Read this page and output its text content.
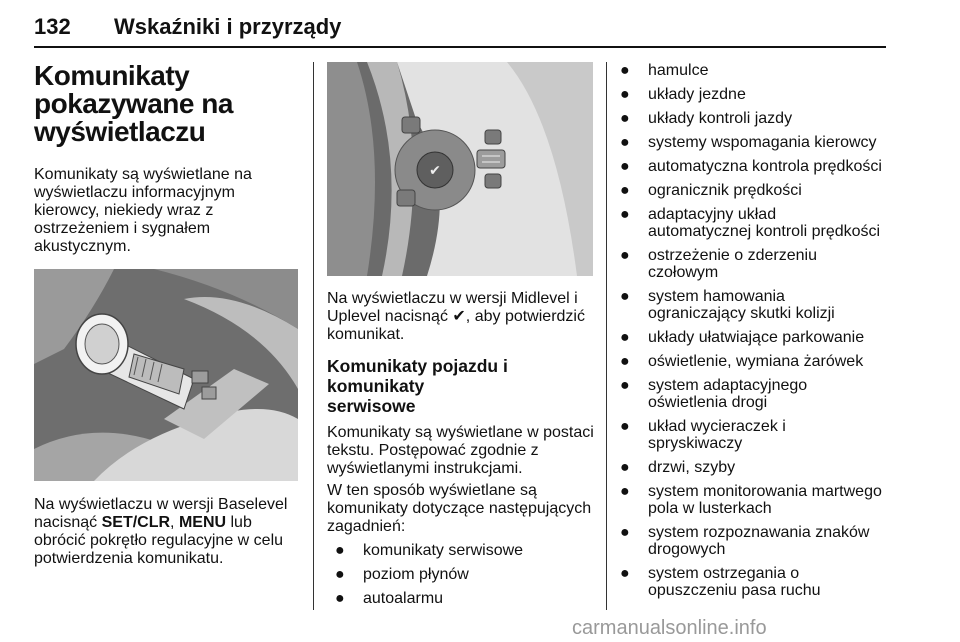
132 Wskaźniki i przyrządy
Komunikaty
pokazywane na
wyświetlaczu

Komunikaty są wyświetlane na
wyświetlaczu informacyjnym
kierowcy, niekiedy wraz z
ostrzeżeniem i sygnałem
akustycznym.

Na wyświetlaczu w wersji Baselevel
nacisnąć SET/CLR, MENU lub
obrócić pokrętło regulacyjne w celu
potwierdzenia komunikatu.

✔

Na wyświetlaczu w wersji Midlevel i
Uplevel nacisnąć ✔, aby potwierdzić
komunikat.

Komunikaty pojazdu i komunikaty
serwisowe

Komunikaty są wyświetlane w postaci
tekstu. Postępować zgodnie z
wyświetlanymi instrukcjami.

W ten sposób wyświetlane są
komunikaty dotyczące następujących
zagadnień:

● komunikaty serwisowe
● poziom płynów
● autoalarmu
● hamulce
● układy jezdne
● układy kontroli jazdy
● systemy wspomagania kierowcy
● automatyczna kontrola prędkości
● ogranicznik prędkości
● adaptacyjny układ
automatycznej kontroli prędkości
● ostrzeżenie o zderzeniu
czołowym
● system hamowania
ograniczający skutki kolizji
● układy ułatwiające parkowanie
● oświetlenie, wymiana żarówek
● system adaptacyjnego
oświetlenia drogi
● układ wycieraczek i
spryskiwaczy
● drzwi, szyby
● system monitorowania martwego
pola w lusterkach
● system rozpoznawania znaków
drogowych
● system ostrzegania o
opuszczeniu pasa ruchu
carmanualsonline.info
